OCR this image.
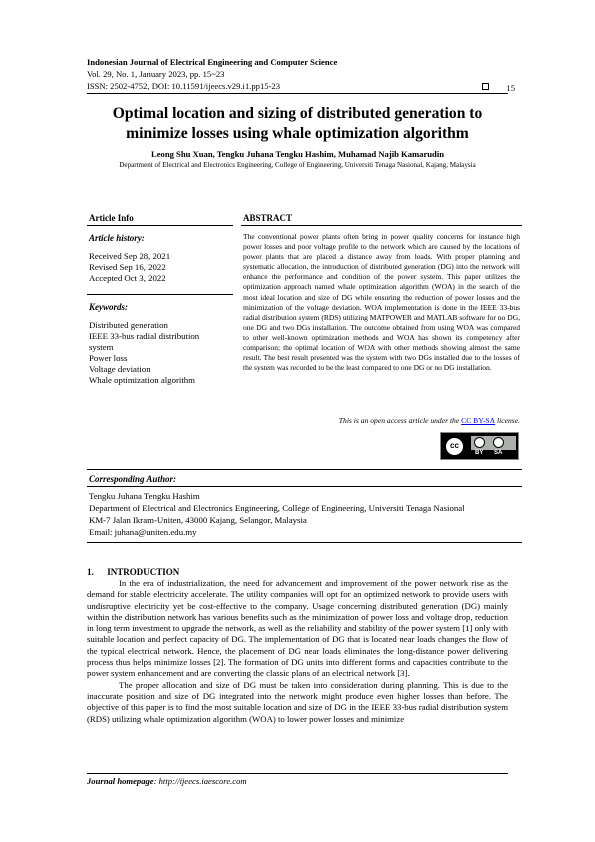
Indonesian Journal of Electrical Engineering and Computer Science
Vol. 29, No. 1, January 2023, pp. 15~23
ISSN: 2502-4752, DOI: 10.11591/ijeecs.v29.i1.pp15-23	15
Optimal location and sizing of distributed generation to minimize losses using whale optimization algorithm
Leong Shu Xuan, Tengku Juhana Tengku Hashim, Muhamad Najib Kamarudin
Department of Electrical and Electronics Engineering, College of Engineering, Universiti Tenaga Nasional, Kajang, Malaysia
Article Info
Article history:
Received Sep 28, 2021
Revised Sep 16, 2022
Accepted Oct 3, 2022
Keywords:
Distributed generation
IEEE 33-bus radial distribution
system
Power loss
Voltage deviation
Whale optimization algorithm
ABSTRACT
The conventional power plants often bring in power quality concerns for instance high power losses and poor voltage profile to the network which are caused by the locations of power plants that are placed a distance away from loads. With proper planning and systematic allocation, the introduction of distributed generation (DG) into the network will enhance the performance and condition of the power system. This paper utilizes the optimization approach named whale optimization algorithm (WOA) in the search of the most ideal location and size of DG while ensuring the reduction of power losses and the minimization of the voltage deviation. WOA implementation is done in the IEEE 33-bus radial distribution system (RDS) utilizing MATPOWER and MATLAB software for no DG, one DG and two DGs installation. The outcome obtained from using WOA was compared to other well-known optimization methods and WOA has shown its competency after comparison; the optimal location of WOA with other methods showing almost the same result. The best result presented was the system with two DGs installed due to the losses of the system was recorded to be the least compared to one DG or no DG installation.
This is an open access article under the CC BY-SA license.
cc
BY SA
Corresponding Author:
Tengku Juhana Tengku Hashim
Department of Electrical and Electronics Engineering, College of Engineering, Universiti Tenaga Nasional
KM-7 Jalan Ikram-Uniten, 43000 Kajang, Selangor, Malaysia
Email: juhana@uniten.edu.my
1.      INTRODUCTION

In the era of industrialization, the need for advancement and improvement of the power network rise as the demand for stable electricity accelerate. The utility companies will opt for an optimized network to provide users with undisruptive electricity yet be cost-effective to the company. Usage concerning distributed generation (DG) mainly within the distribution network has various benefits such as the minimization of power loss and voltage drop, reduction in long term investment to upgrade the network, as well as the reliability and stability of the power system [1] only with suitable location and perfect capacity of DG. The implementation of DG that is located near loads changes the flow of the typical electrical network. Hence, the placement of DG near loads eliminates the long-distance power delivering process thus helps minimize losses [2]. The formation of DG units into different forms and capacities contribute to the power system enhancement and are converting the classic plans of an electrical network [3].

The proper allocation and size of DG must be taken into consideration during planning. This is due to the inaccurate position and size of DG integrated into the network might produce even higher losses than before. The objective of this paper is to find the most suitable location and size of DG in the IEEE 33-bus radial distribution system (RDS) utilizing whale optimization algorithm (WOA) to lower power losses and minimize

Journal homepage: http://ijeecs.iaescore.com
